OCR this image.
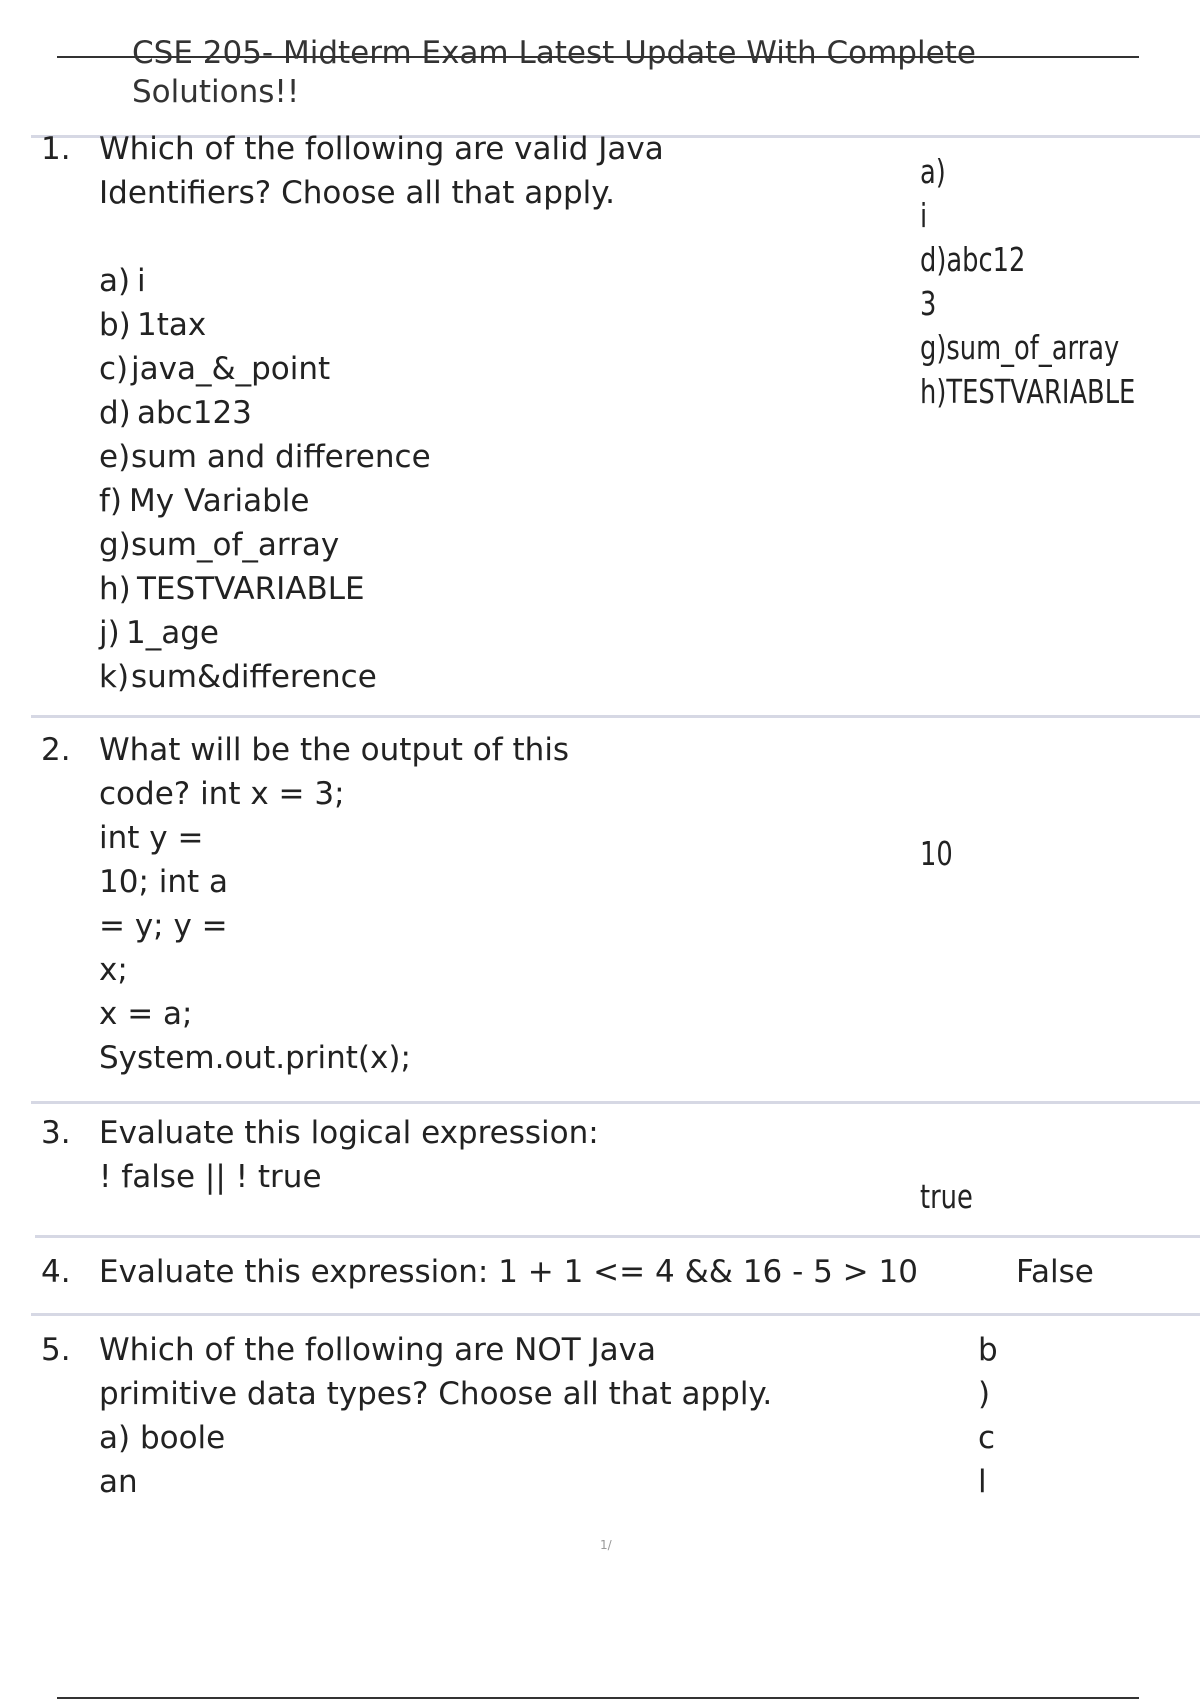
CSE 205- Midterm Exam Latest Update With Complete
Solutions!!
1. Which of the following are valid Java
Identifiers? Choose all that apply.
a) i
b) 1tax
c) java_&_point
d) abc123
e) sum and difference
f) My Variable
g) sum_of_array
h) TESTVARIABLE
j) 1_age
k) sum&difference
a)
i
d)abc12
3
g)sum_of_array
h)TESTVARIABLE
2. What will be the output of this
code? int x = 3;
int y =
10; int a
= y; y =
x;
x = a;
System.out.print(x);
10
3. Evaluate this logical expression:
! false || ! true	true
4. Evaluate this expression: 1 + 1 <= 4 && 16 - 5 > 10	False
5. Which of the following are NOT Java
primitive data types? Choose all that apply.
a) boole
an
b
)
c
l
1/
